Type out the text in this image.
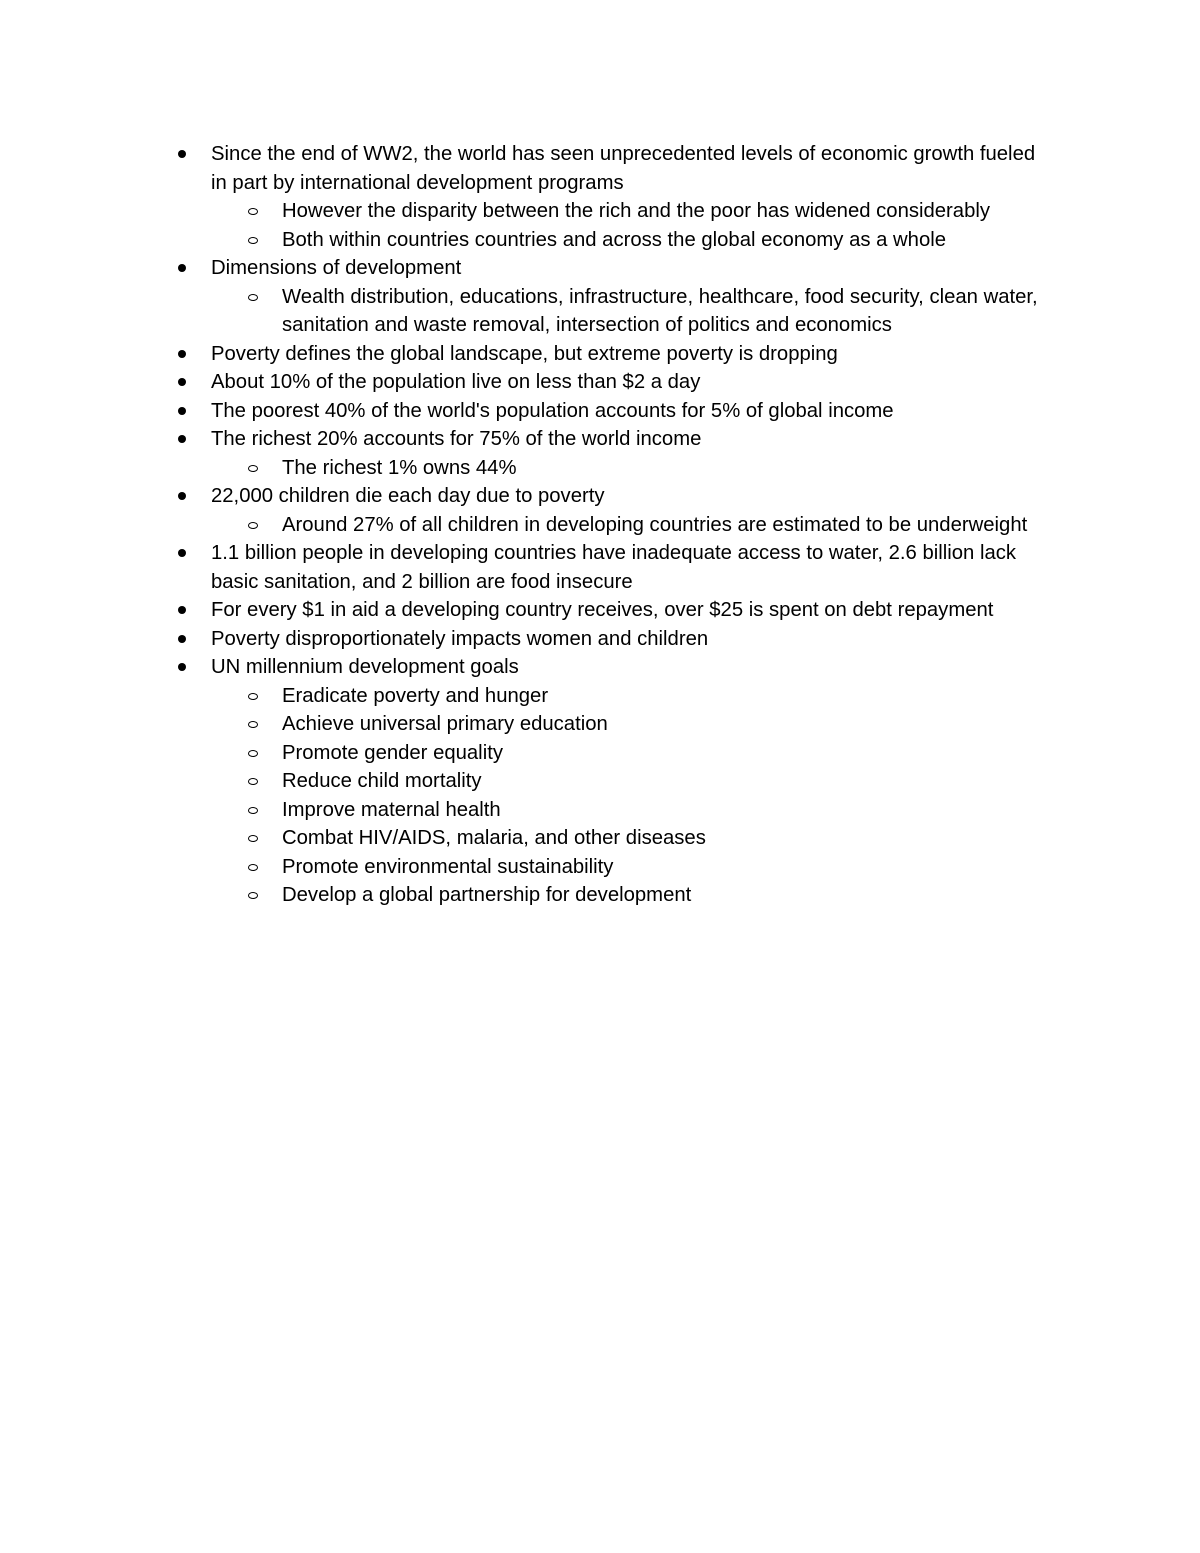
Since the end of WW2, the world has seen unprecedented levels of economic growth fueled in part by international development programs
However the disparity between the rich and the poor has widened considerably
Both within countries countries and across the global economy as a whole
Dimensions of development
Wealth distribution, educations, infrastructure, healthcare, food security, clean water, sanitation and waste removal, intersection of politics and economics
Poverty defines the global landscape, but extreme poverty is dropping
About 10% of the population live on less than $2 a day
The poorest 40% of the world's population accounts for 5% of global income
The richest 20% accounts for 75% of the world income
The richest 1% owns 44%
22,000 children die each day due to poverty
Around 27% of all children in developing countries are estimated to be underweight
1.1 billion people in developing countries have inadequate access to water, 2.6 billion lack basic sanitation, and 2 billion are food insecure
For every $1 in aid a developing country receives, over $25 is spent on debt repayment
Poverty disproportionately impacts women and children
UN millennium development goals
Eradicate poverty and hunger
Achieve universal primary education
Promote gender equality
Reduce child mortality
Improve maternal health
Combat HIV/AIDS, malaria, and other diseases
Promote environmental sustainability
Develop a global partnership for development
